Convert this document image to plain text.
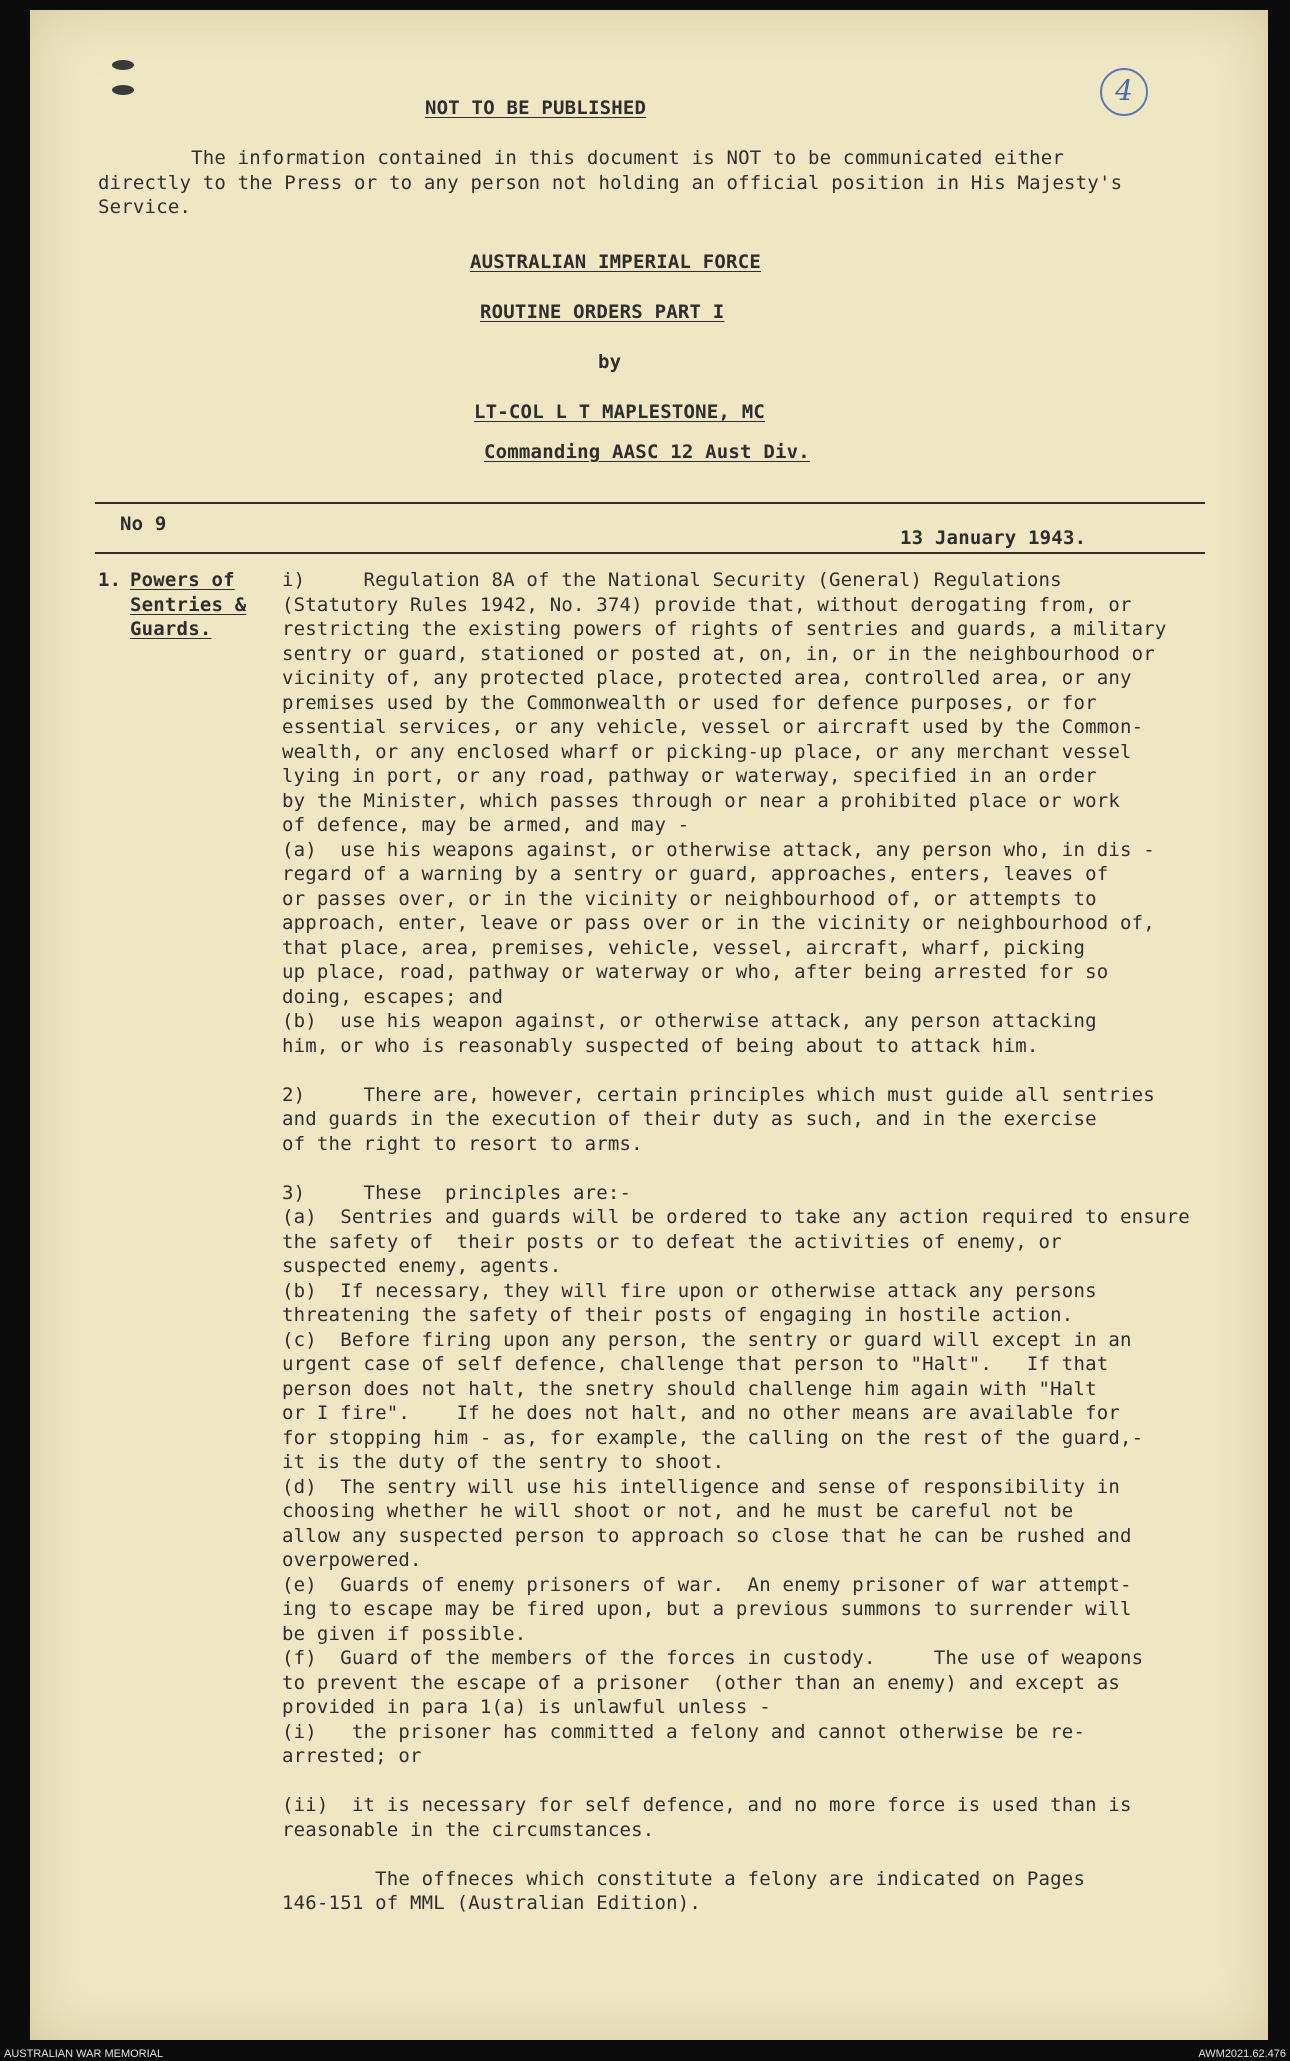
4
NOT TO BE PUBLISHED
The information contained in this document is NOT to be communicated either
directly to the Press or to any person not holding an official position in His Majesty's
Service.
AUSTRALIAN IMPERIAL FORCE
ROUTINE ORDERS PART I
by
LT-COL L T MAPLESTONE, MC
Commanding AASC 12 Aust Div.
No 9
13 January 1943.
1. Powers of
Sentries &
Guards.
i)     Regulation 8A of the National Security (General) Regulations
(Statutory Rules 1942, No. 374) provide that, without derogating from, or
restricting the existing powers of rights of sentries and guards, a military
sentry or guard, stationed or posted at, on, in, or in the neighbourhood or
vicinity of, any protected place, protected area, controlled area, or any
premises used by the Commonwealth or used for defence purposes, or for
essential services, or any vehicle, vessel or aircraft used by the Common-
wealth, or any enclosed wharf or picking-up place, or any merchant vessel
lying in port, or any road, pathway or waterway, specified in an order
by the Minister, which passes through or near a prohibited place or work
of defence, may be armed, and may -
(a)  use his weapons against, or otherwise attack, any person who, in dis -
regard of a warning by a sentry or guard, approaches, enters, leaves of
or passes over, or in the vicinity or neighbourhood of, or attempts to
approach, enter, leave or pass over or in the vicinity or neighbourhood of,
that place, area, premises, vehicle, vessel, aircraft, wharf, picking
up place, road, pathway or waterway or who, after being arrested for so
doing, escapes; and
(b)  use his weapon against, or otherwise attack, any person attacking
him, or who is reasonably suspected of being about to attack him.

2)     There are, however, certain principles which must guide all sentries
and guards in the execution of their duty as such, and in the exercise
of the right to resort to arms.

3)     These  principles are:-
(a)  Sentries and guards will be ordered to take any action required to ensure
the safety of  their posts or to defeat the activities of enemy, or
suspected enemy, agents.
(b)  If necessary, they will fire upon or otherwise attack any persons
threatening the safety of their posts of engaging in hostile action.
(c)  Before firing upon any person, the sentry or guard will except in an
urgent case of self defence, challenge that person to "Halt".   If that
person does not halt, the snetry should challenge him again with "Halt
or I fire".    If he does not halt, and no other means are available for
for stopping him - as, for example, the calling on the rest of the guard,-
it is the duty of the sentry to shoot.
(d)  The sentry will use his intelligence and sense of responsibility in
choosing whether he will shoot or not, and he must be careful not be
allow any suspected person to approach so close that he can be rushed and
overpowered.
(e)  Guards of enemy prisoners of war.  An enemy prisoner of war attempt-
ing to escape may be fired upon, but a previous summons to surrender will
be given if possible.
(f)  Guard of the members of the forces in custody.     The use of weapons
to prevent the escape of a prisoner  (other than an enemy) and except as
provided in para 1(a) is unlawful unless -
(i)   the prisoner has committed a felony and cannot otherwise be re-
arrested; or

(ii)  it is necessary for self defence, and no more force is used than is
reasonable in the circumstances.

The offneces which constitute a felony are indicated on Pages
146-151 of MML (Australian Edition).
AUSTRALIAN WAR MEMORIAL	AWM2021.62.476
